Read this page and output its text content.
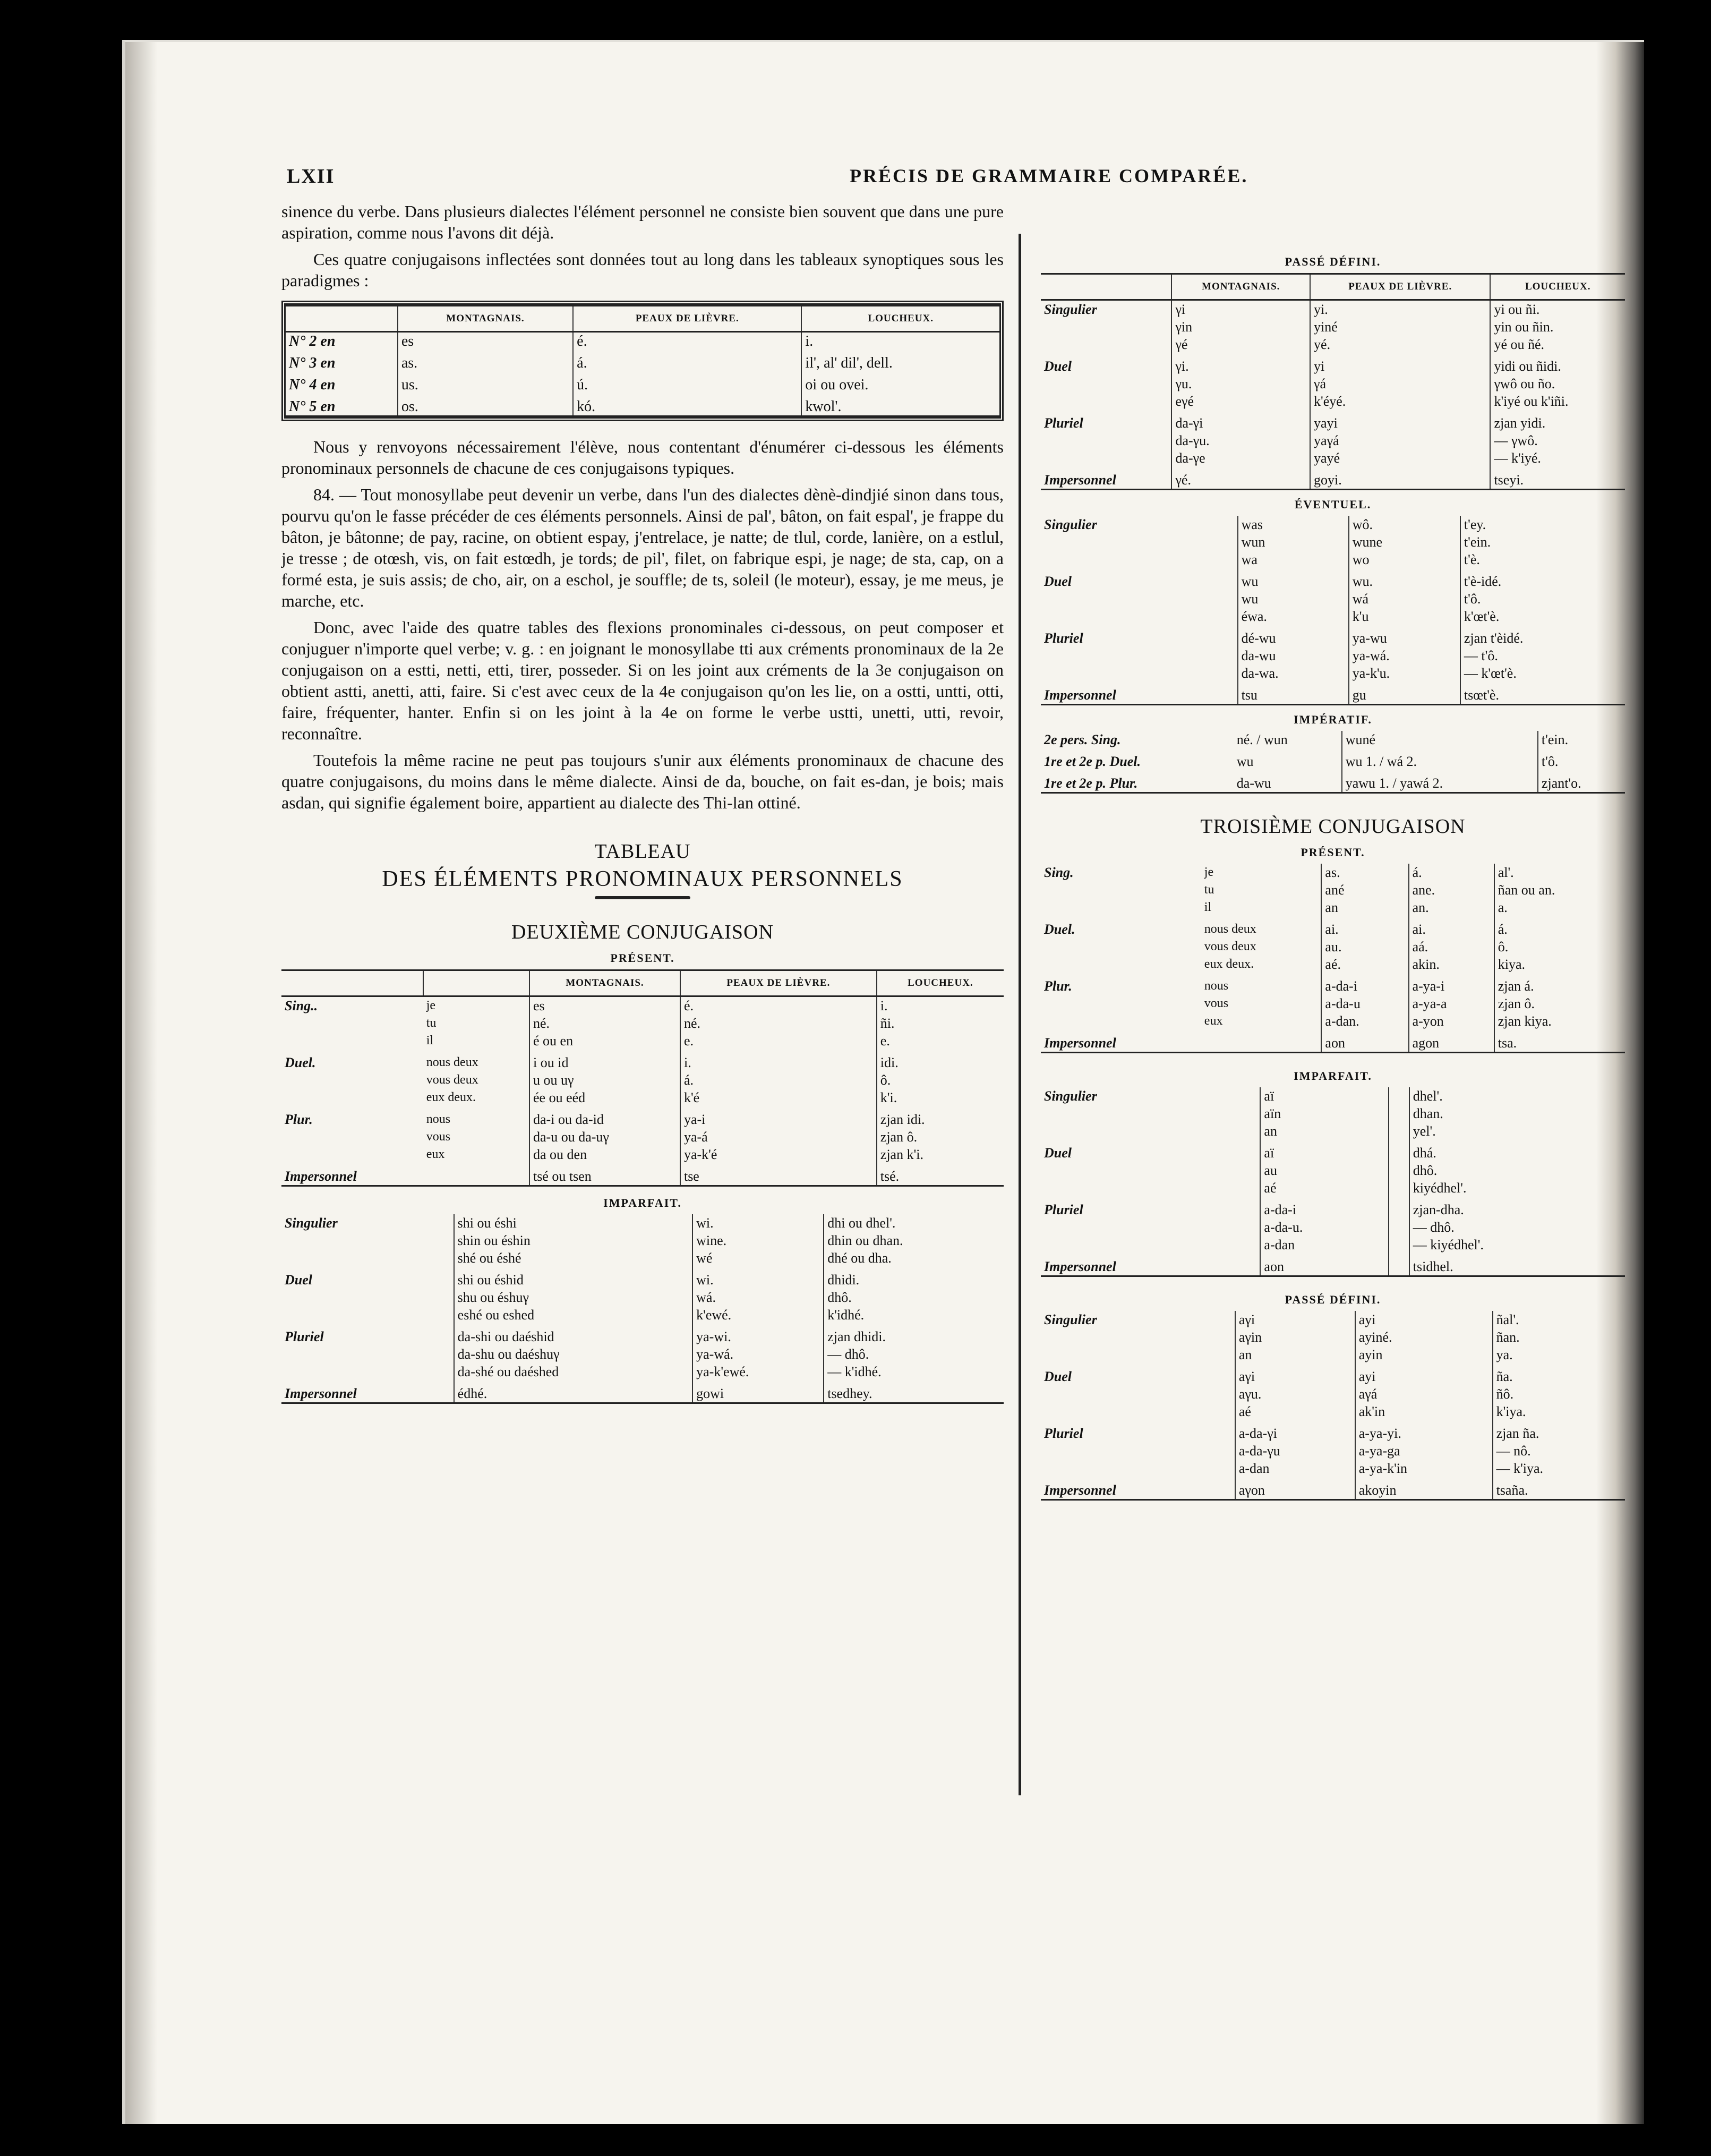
LXII	PRÉCIS DE GRAMMAIRE COMPARÉE.

sinence du verbe. Dans plusieurs dialectes l'élément personnel ne consiste bien souvent que dans une pure aspiration, comme nous l'avons dit déjà.

Ces quatre conjugaisons inflectées sont données tout au long dans les tableaux synoptiques sous les paradigmes :

	MONTAGNAIS.	PEAUX DE LIÈVRE.	LOUCHEUX.
N° 2 en	es	é.	i.
N° 3 en	as.	á.	il', al' dil', dell.
N° 4 en	us.	ú.	oi ou ovei.
N° 5 en	os.	kó.	kwol'.

Nous y renvoyons nécessairement l'élève, nous contentant d'énumérer ci-dessous les éléments pronominaux personnels de chacune de ces conjugaisons typiques.

84. — Tout monosyllabe peut devenir un verbe, dans l'un des dialectes dènè-dindjié sinon dans tous, pourvu qu'on le fasse précéder de ces éléments personnels. Ainsi de pal', bâton, on fait espal', je frappe du bâton, je bâtonne; de pay, racine, on obtient espay, j'entrelace, je natte; de tlul, corde, lanière, on a estlul, je tresse ; de otœsh, vis, on fait estœdh, je tords; de pil', filet, on fabrique espi, je nage; de sta, cap, on a formé esta, je suis assis; de cho, air, on a eschol, je souffle; de ts, soleil (le moteur), essay, je me meus, je marche, etc.

Donc, avec l'aide des quatre tables des flexions pronominales ci-dessous, on peut composer et conjuguer n'importe quel verbe; v. g. : en joignant le monosyllabe tti aux créments pronominaux de la 2e conjugaison on a estti, netti, etti, tirer, posseder. Si on les joint aux créments de la 3e conjugaison on obtient astti, anetti, atti, faire. Si c'est avec ceux de la 4e conjugaison qu'on les lie, on a ostti, untti, otti, faire, fréquenter, hanter. Enfin si on les joint à la 4e on forme le verbe ustti, unetti, utti, revoir, reconnaître.

Toutefois la même racine ne peut pas toujours s'unir aux éléments pronominaux de chacune des quatre conjugaisons, du moins dans le même dialecte. Ainsi de da, bouche, on fait es-dan, je bois; mais asdan, qui signifie également boire, appartient au dialecte des Thi-lan ottiné.

TABLEAU
DES ÉLÉMENTS PRONOMINAUX PERSONNELS
DEUXIÈME CONJUGAISON
PRÉSENT.
		MONTAGNAIS.	PEAUX DE LIÈVRE.	LOUCHEUX.
Sing..	je	es	é.	i.
	tu	né.	né.	ñi.
	il	é ou en	e.	e.
Duel.	nous deux	i ou id	i.	idi.
	vous deux	u ou uγ	á.	ô.
	eux deux.	ée ou eéd	k'é	k'i.
Plur.	nous	da-i ou da-id	ya-i	zjan idi.
	vous	da-u ou da-uγ	ya-á	zjan ô.
	eux	da ou den	ya-k'é	zjan k'i.
Impersonnel		tsé ou tsen	tse	tsé.
IMPARFAIT.
Singulier	shi ou éshi	wi.	dhi ou dhel'.
	shin ou éshin	wine.	dhin ou dhan.
	shé ou éshé	wé	dhé ou dha.
Duel	shi ou éshid	wi.	dhidi.
	shu ou éshuγ	wá.	dhô.
	eshé ou eshed	k'ewé.	k'idhé.
Pluriel	da-shi ou daéshid	ya-wi.	zjan dhidi.
	da-shu ou daéshuγ	ya-wá.	— dhô.
	da-shé ou daéshed	ya-k'ewé.	— k'idhé.
Impersonnel	édhé.	gowi	tsedhey.
PASSÉ DÉFINI.
	MONTAGNAIS.	PEAUX DE LIÈVRE.	LOUCHEUX.
Singulier	γi	yi.	yi ou ñi.
	γin	yiné	yin ou ñin.
	γé	yé.	yé ou ñé.
Duel	γi.	yi	yidi ou ñidi.
	γu.	γá	γwô ou ño.
	eγé	k'éyé.	k'iyé ou k'iñi.
Pluriel	da-γi	yayi	zjan yidi.
	da-γu.	yaγá	— γwô.
	da-γe	yayé	— k'iyé.
Impersonnel	γé.	goyi.	tseyi.
ÉVENTUEL.
Singulier	was	wô.	t'ey.
	wun	wune	t'ein.
	wa	wo	t'è.
Duel	wu	wu.	t'è-idé.
	wu	wá	t'ô.
	éwa.	k'u	k'œt'è.
Pluriel	dé-wu	ya-wu	zjan t'èidé.
	da-wu	ya-wá.	— t'ô.
	da-wa.	ya-k'u.	— k'œt'è.
Impersonnel	tsu	gu	tsœt'è.
IMPÉRATIF.
2e pers. Sing.	né. / wun	wuné	t'ein.
1re et 2e p. Duel.	wu	wu 1. / wá 2.	t'ô.
1re et 2e p. Plur.	da-wu	yawu 1. / yawá 2.	zjant'o.
TROISIÈME CONJUGAISON
PRÉSENT.
Sing.	je	as.	á.	al'.
	tu	ané	ane.	ñan ou an.
	il	an	an.	a.
Duel.	nous deux	ai.	ai.	á.
	vous deux	au.	aá.	ô.
	eux deux.	aé.	akin.	kiya.
Plur.	nous	a-da-i	a-ya-i	zjan á.
	vous	a-da-u	a-ya-a	zjan ô.
	eux	a-dan.	a-yon	zjan kiya.
Impersonnel		aon	agon	tsa.
IMPARFAIT.
Singulier	aï		dhel'.
	aïn		dhan.
	an		yel'.
Duel	aï		dhá.
	au		dhô.
	aé		kiyédhel'.
Pluriel	a-da-i		zjan-dha.
	a-da-u.		— dhô.
	a-dan		— kiyédhel'.
Impersonnel	aon		tsidhel.
PASSÉ DÉFINI.
Singulier	aγi	ayi	ñal'.
	aγin	ayiné.	ñan.
	an	ayin	ya.
Duel	aγi	ayi	ña.
	aγu.	aγá	ñô.
	aé	ak'in	k'iya.
Pluriel	a-da-γi	a-ya-yi.	zjan ña.
	a-da-γu	a-ya-ga	— nô.
	a-dan	a-ya-k'in	— k'iya.
Impersonnel	aγon	akoyin	tsaña.
